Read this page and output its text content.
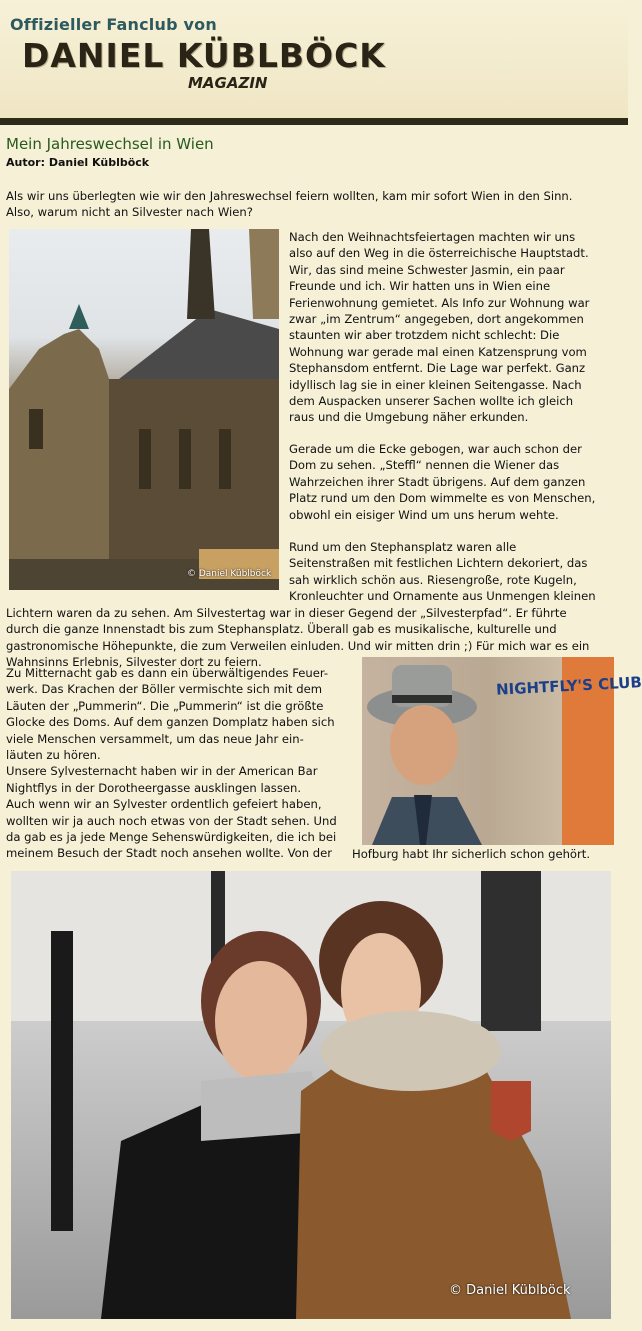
Offizieller Fanclub von
DANIEL KÜBLBÖCK
MAGAZIN
Mein Jahreswechsel in Wien
Autor: Daniel Küblböck
Als wir uns überlegten wie wir den Jahreswechsel feiern wollten, kam mir sofort Wien in den Sinn.
Also, warum nicht an Silvester nach Wien?
© Daniel Küblböck
Nach den Weihnachtsfeiertagen machten wir uns
also auf den Weg in die österreichische Hauptstadt.
Wir, das sind meine Schwester Jasmin, ein paar
Freunde und ich. Wir hatten uns in Wien eine
Ferienwohnung gemietet. Als Info zur Wohnung war
zwar „im Zentrum“ angegeben, dort angekommen
staunten wir aber trotzdem nicht schlecht: Die
Wohnung war gerade mal einen Katzensprung vom
Stephansdom entfernt. Die Lage war perfekt. Ganz
idyllisch lag sie in einer kleinen Seitengasse. Nach
dem Auspacken unserer Sachen wollte ich gleich
raus und die Umgebung näher erkunden.
Gerade um die Ecke gebogen, war auch schon der
Dom zu sehen. „Steffl“ nennen die Wiener das
Wahrzeichen ihrer Stadt übrigens. Auf dem ganzen
Platz rund um den Dom wimmelte es von Menschen,
obwohl ein eisiger Wind um uns herum wehte.
Rund um den Stephansplatz waren alle
Seitenstraßen mit festlichen Lichtern dekoriert, das
sah wirklich schön aus. Riesengroße, rote Kugeln,
Kronleuchter und Ornamente aus Unmengen kleinen
Lichtern waren da zu sehen. Am Silvestertag war in dieser Gegend der „Silvesterpfad“. Er führte
durch die ganze Innenstadt bis zum Stephansplatz. Überall gab es musikalische, kulturelle und
gastronomische Höhepunkte, die zum Verweilen einluden. Und wir mitten drin ;) Für mich war es ein
Wahnsinns Erlebnis, Silvester dort zu feiern.
NIGHTFLY'S CLUB
Zu Mitternacht gab es dann ein überwältigendes Feuer-
werk. Das Krachen der Böller vermischte sich mit dem
Läuten der „Pummerin“. Die „Pummerin“ ist die größte
Glocke des Doms. Auf dem ganzen Domplatz haben sich
viele Menschen versammelt, um das neue Jahr ein-
läuten zu hören.
Unsere Sylvesternacht haben wir in der American Bar
Nightflys in der Dorotheergasse ausklingen lassen.
Auch wenn wir an Sylvester ordentlich gefeiert haben,
wollten wir ja auch noch etwas von der Stadt sehen. Und
da gab es ja jede Menge Sehenswürdigkeiten, die ich bei
meinem Besuch der Stadt noch ansehen wollte. Von der	Hofburg habt Ihr sicherlich schon gehört.
© Daniel Küblböck
